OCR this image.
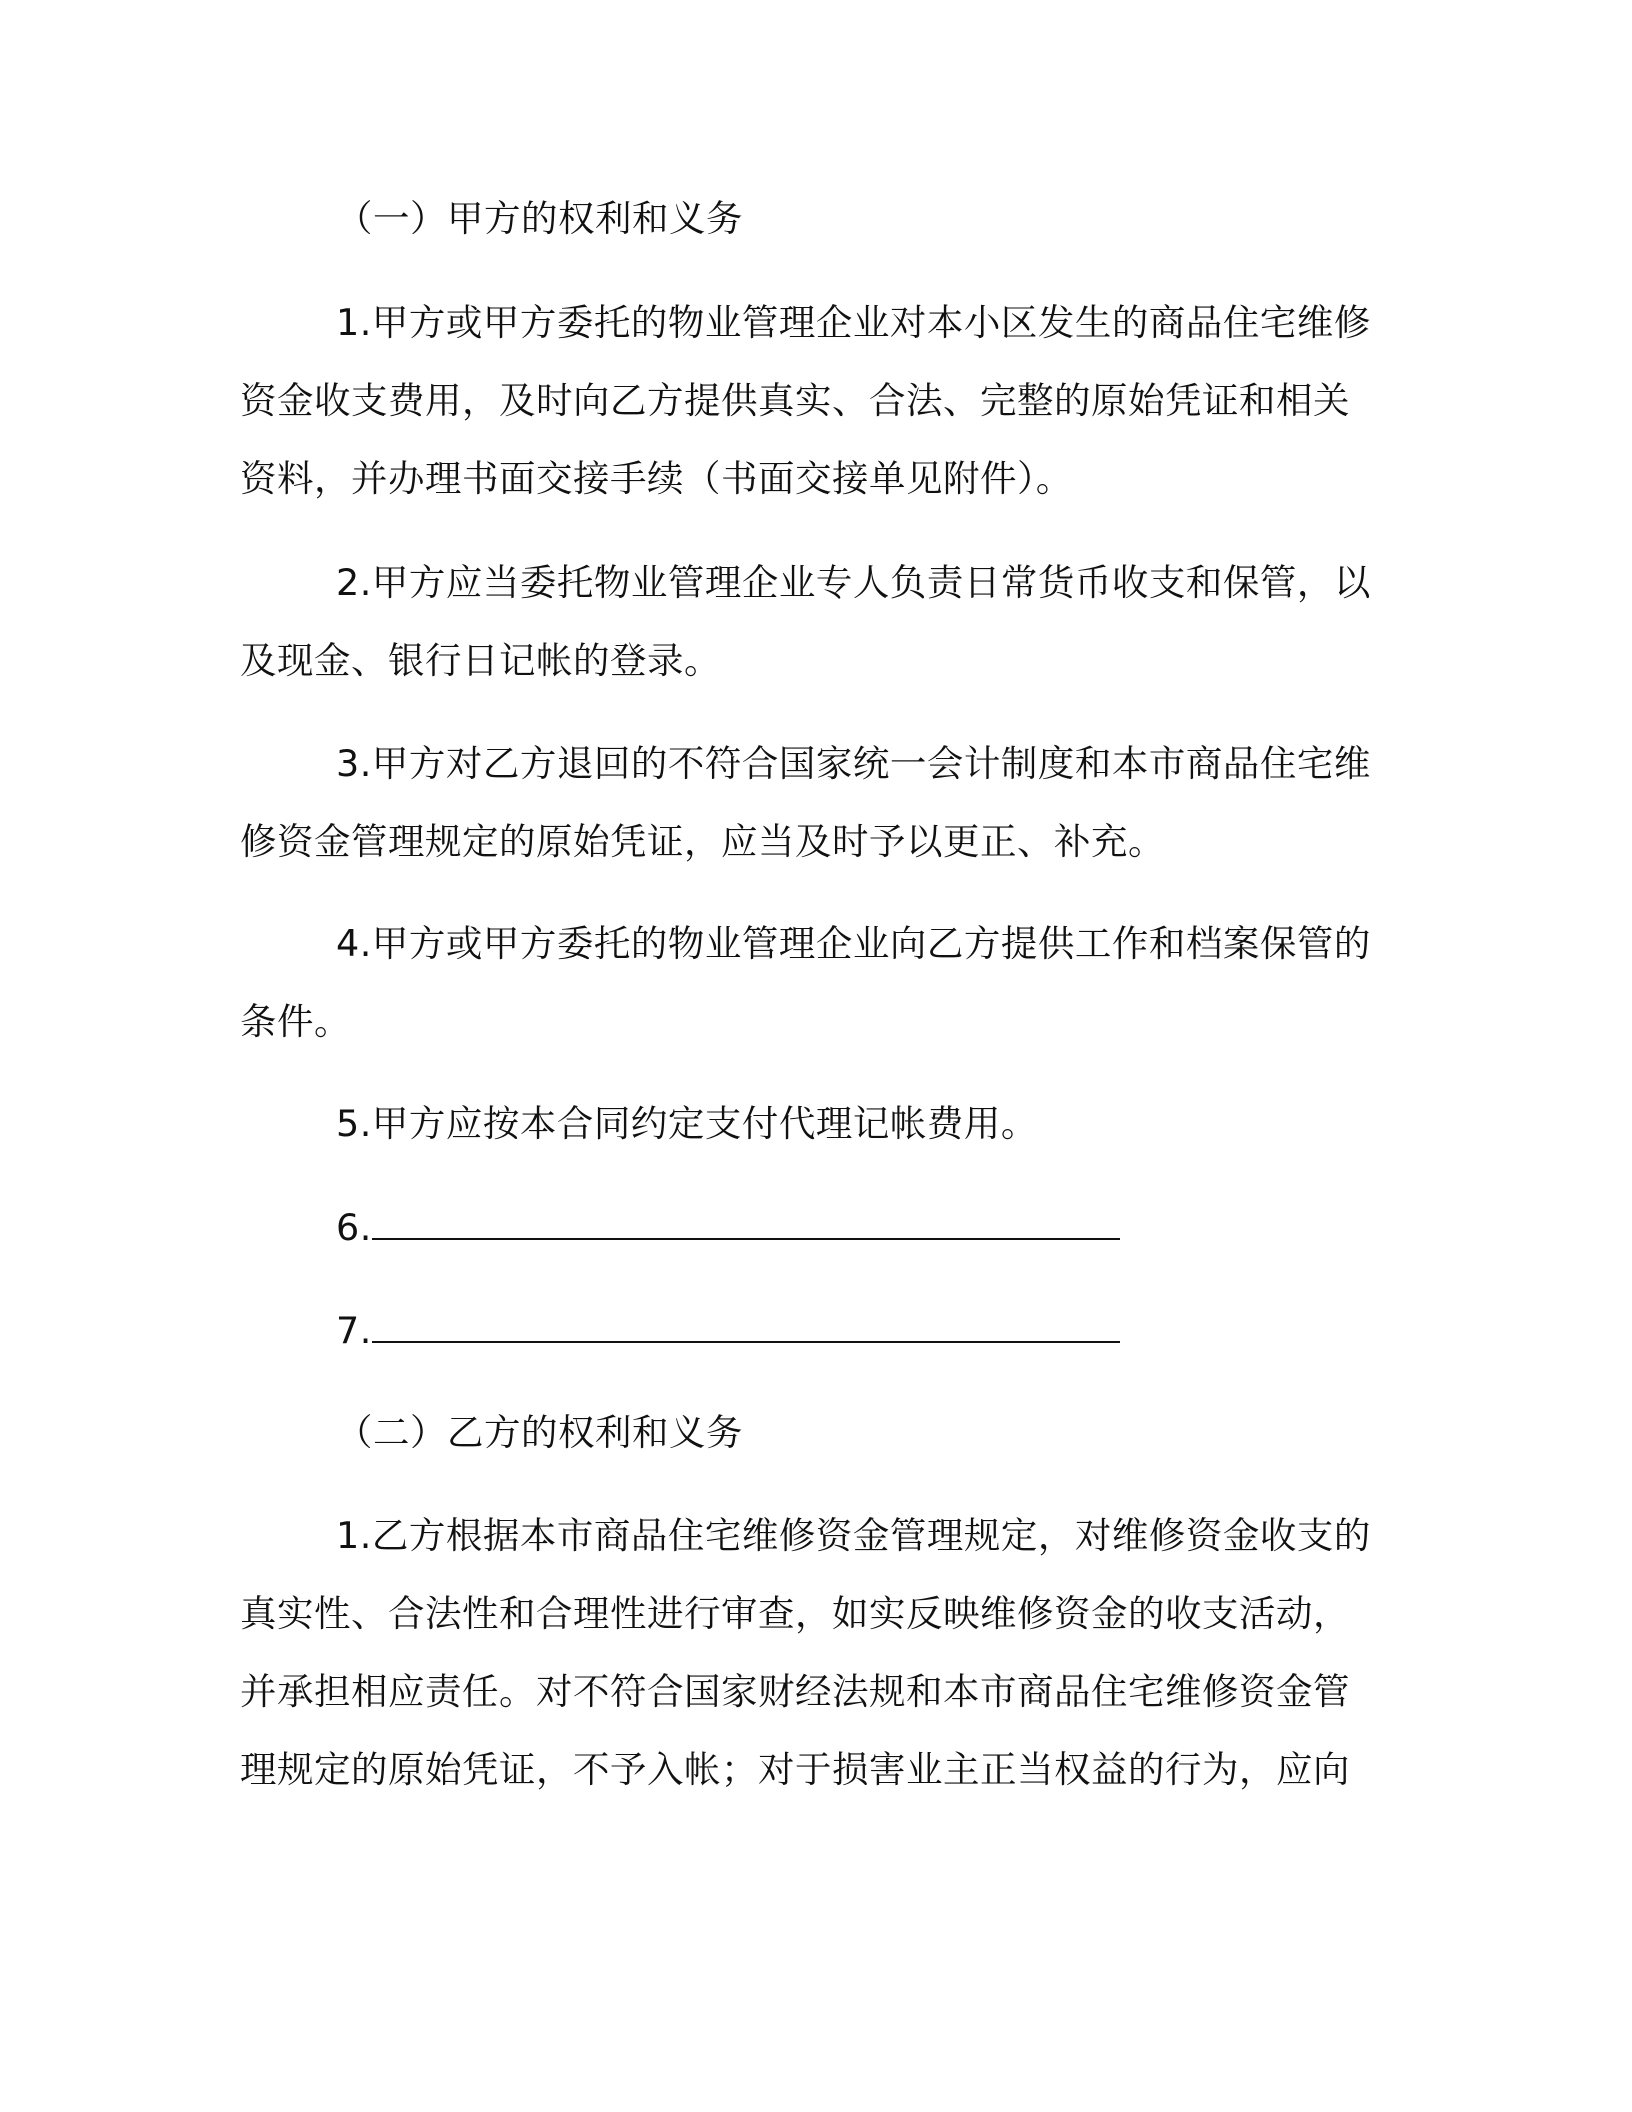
（一）甲方的权利和义务

1.甲方或甲方委托的物业管理企业对本小区发生的商品住宅维修资金收支费用，及时向乙方提供真实、合法、完整的原始凭证和相关资料，并办理书面交接手续（书面交接单见附件）。

2.甲方应当委托物业管理企业专人负责日常货币收支和保管，以及现金、银行日记帐的登录。

3.甲方对乙方退回的不符合国家统一会计制度和本市商品住宅维修资金管理规定的原始凭证，应当及时予以更正、补充。

4.甲方或甲方委托的物业管理企业向乙方提供工作和档案保管的条件。

5.甲方应按本合同约定支付代理记帐费用。

6.

7.

（二）乙方的权利和义务

1.乙方根据本市商品住宅维修资金管理规定，对维修资金收支的真实性、合法性和合理性进行审查，如实反映维修资金的收支活动，并承担相应责任。对不符合国家财经法规和本市商品住宅维修资金管理规定的原始凭证，不予入帐；对于损害业主正当权益的行为，应向
